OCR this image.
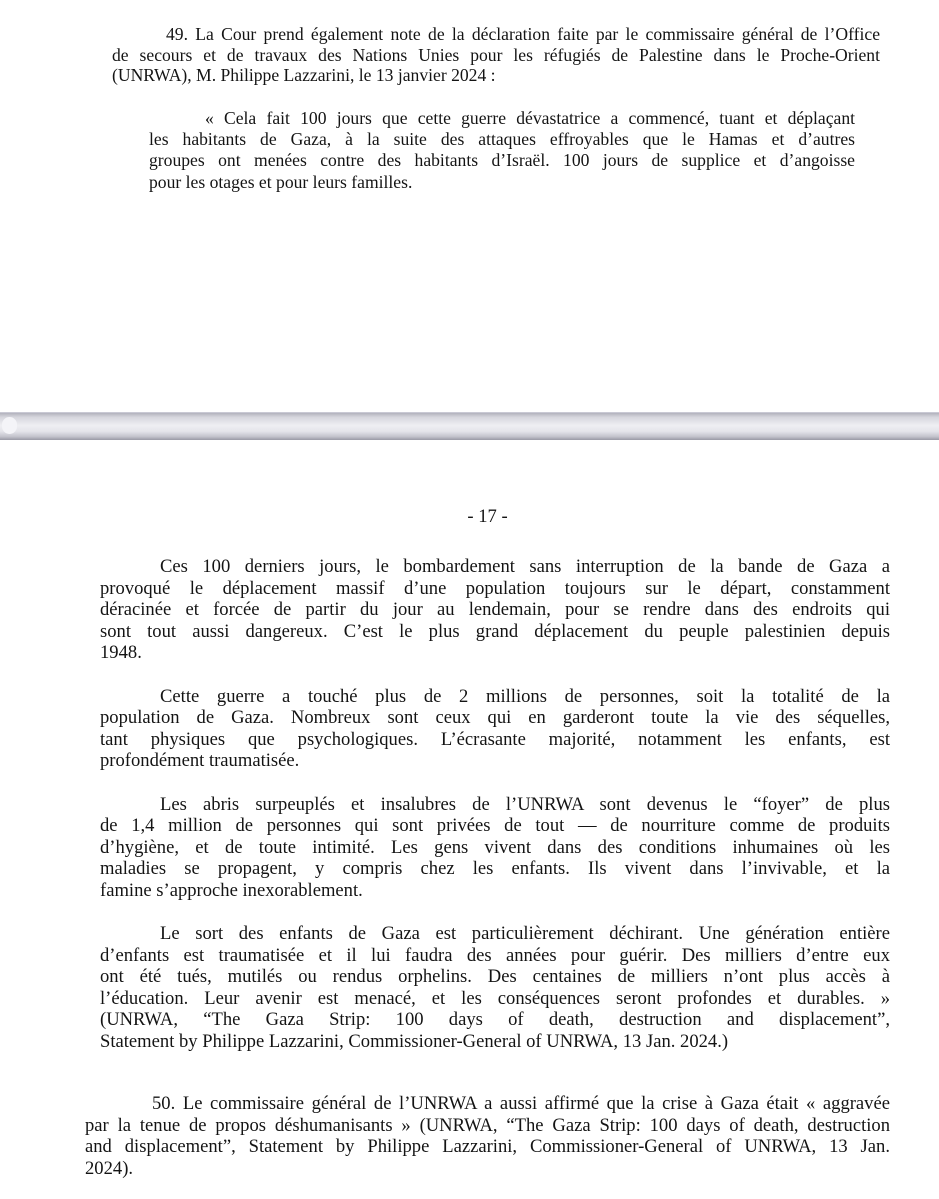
49. La Cour prend également note de la déclaration faite par le commissaire général de l’Office
de secours et de travaux des Nations Unies pour les réfugiés de Palestine dans le Proche-Orient
(UNRWA), M. Philippe Lazzarini, le 13 janvier 2024 :
« Cela fait 100 jours que cette guerre dévastatrice a commencé, tuant et déplaçant
les habitants de Gaza, à la suite des attaques effroyables que le Hamas et d’autres
groupes ont menées contre des habitants d’Israël. 100 jours de supplice et d’angoisse
pour les otages et pour leurs familles.
- 17 -
Ces 100 derniers jours, le bombardement sans interruption de la bande de Gaza a
provoqué le déplacement massif d’une population toujours sur le départ, constamment
déracinée et forcée de partir du jour au lendemain, pour se rendre dans des endroits qui
sont tout aussi dangereux. C’est le plus grand déplacement du peuple palestinien depuis
1948.
Cette guerre a touché plus de 2 millions de personnes, soit la totalité de la
population de Gaza. Nombreux sont ceux qui en garderont toute la vie des séquelles,
tant physiques que psychologiques. L’écrasante majorité, notamment les enfants, est
profondément traumatisée.
Les abris surpeuplés et insalubres de l’UNRWA sont devenus le “foyer” de plus
de 1,4 million de personnes qui sont privées de tout — de nourriture comme de produits
d’hygiène, et de toute intimité. Les gens vivent dans des conditions inhumaines où les
maladies se propagent, y compris chez les enfants. Ils vivent dans l’invivable, et la
famine s’approche inexorablement.
Le sort des enfants de Gaza est particulièrement déchirant. Une génération entière
d’enfants est traumatisée et il lui faudra des années pour guérir. Des milliers d’entre eux
ont été tués, mutilés ou rendus orphelins. Des centaines de milliers n’ont plus accès à
l’éducation. Leur avenir est menacé, et les conséquences seront profondes et durables. »
(UNRWA, “The Gaza Strip: 100 days of death, destruction and displacement”,
Statement by Philippe Lazzarini, Commissioner-General of UNRWA, 13 Jan. 2024.)
50. Le commissaire général de l’UNRWA a aussi affirmé que la crise à Gaza était « aggravée
par la tenue de propos déshumanisants » (UNRWA, “The Gaza Strip: 100 days of death, destruction
and displacement”, Statement by Philippe Lazzarini, Commissioner-General of UNRWA, 13 Jan.
2024).
